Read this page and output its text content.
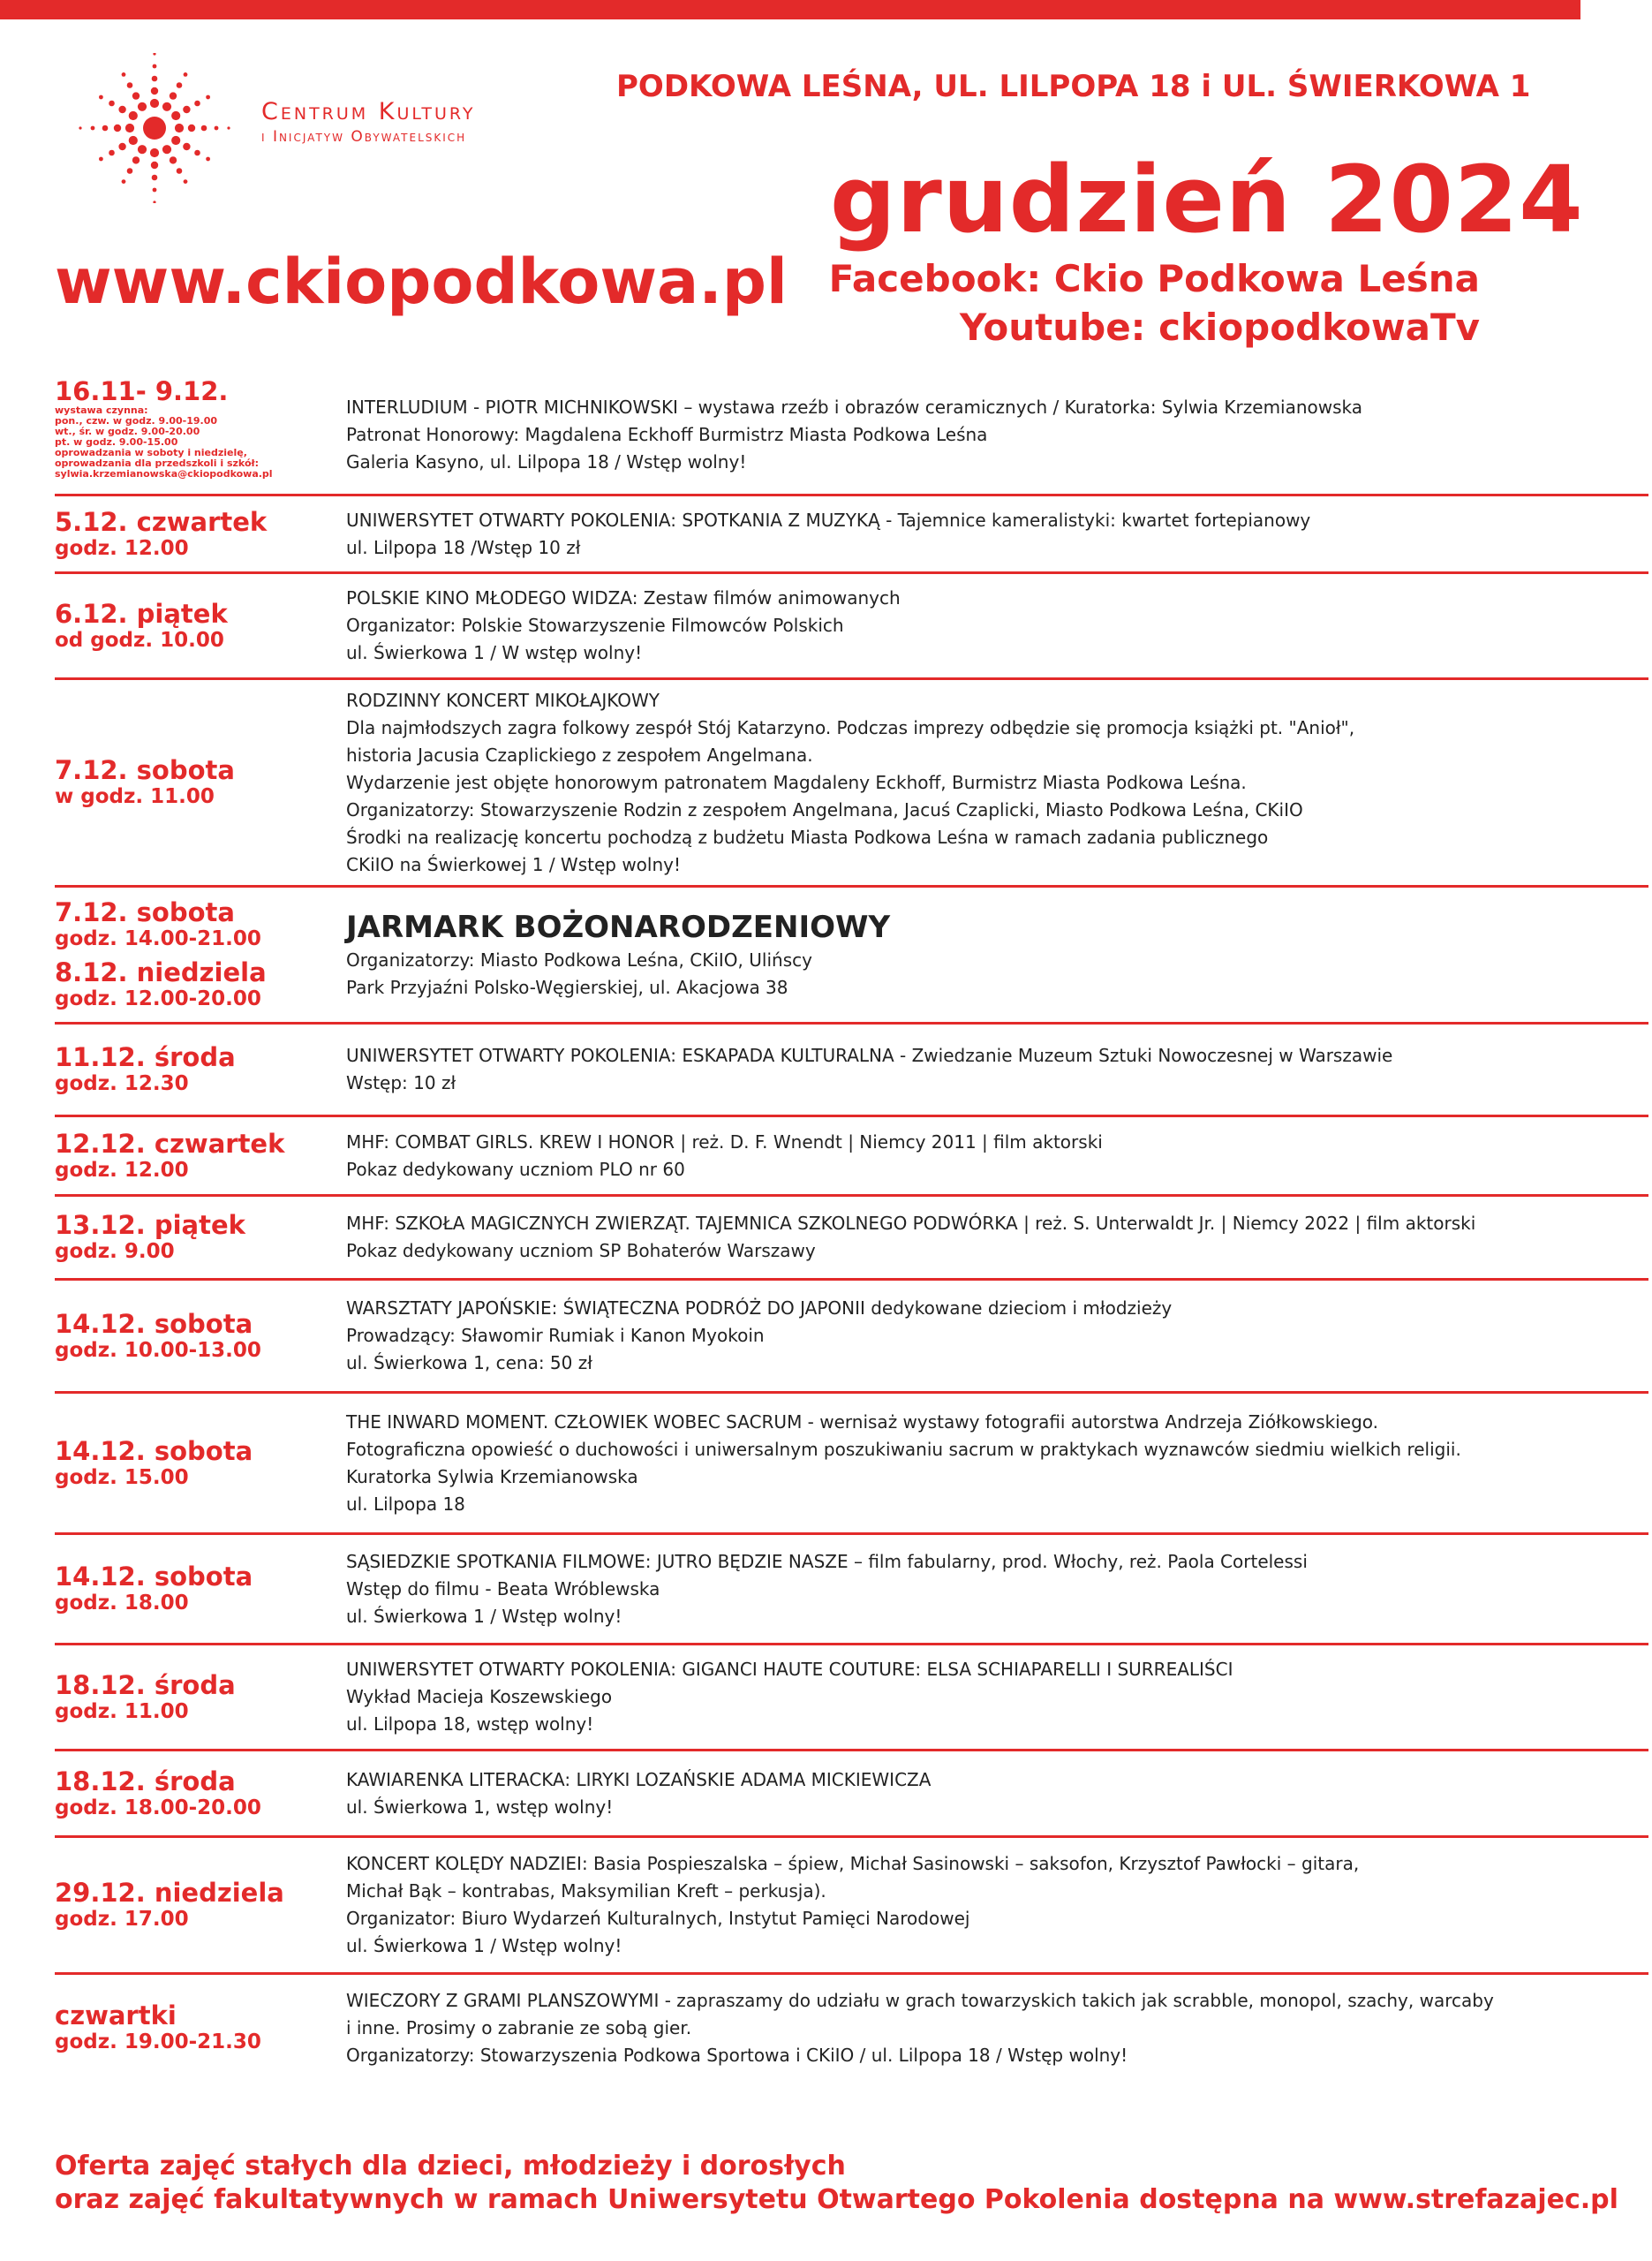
Centrum Kultury
i Inicjatyw Obywatelskich
PODKOWA LEŚNA, UL. LILPOPA 18 i UL. ŚWIERKOWA 1
grudzień 2024
www.ckiopodkowa.pl Facebook: Ckio Podkowa Leśna
Youtube: ckiopodkowaTv
16.11- 9.12.
wystawa czynna:
pon., czw. w godz. 9.00-19.00
wt., śr. w godz. 9.00-20.00
pt. w godz. 9.00-15.00
oprowadzania w soboty i niedzielę,
oprowadzania dla przedszkoli i szkół:
sylwia.krzemianowska@ckiopodkowa.pl
INTERLUDIUM - PIOTR MICHNIKOWSKI – wystawa rzeźb i obrazów ceramicznych / Kuratorka: Sylwia Krzemianowska
Patronat Honorowy: Magdalena Eckhoff Burmistrz Miasta Podkowa Leśna
Galeria Kasyno, ul. Lilpopa 18 / Wstęp wolny!
5.12. czwartek
godz. 12.00
UNIWERSYTET OTWARTY POKOLENIA: SPOTKANIA Z MUZYKĄ - Tajemnice kameralistyki: kwartet fortepianowy
ul. Lilpopa 18 /Wstęp 10 zł
6.12. piątek
od godz. 10.00
POLSKIE KINO MŁODEGO WIDZA: Zestaw filmów animowanych
Organizator: Polskie Stowarzyszenie Filmowców Polskich
ul. Świerkowa 1 / W wstęp wolny!
7.12. sobota
w godz. 11.00
RODZINNY KONCERT MIKOŁAJKOWY
Dla najmłodszych zagra folkowy zespół Stój Katarzyno. Podczas imprezy odbędzie się promocja książki pt. "Anioł",
historia Jacusia Czaplickiego z zespołem Angelmana.
Wydarzenie jest objęte honorowym patronatem Magdaleny Eckhoff, Burmistrz Miasta Podkowa Leśna.
Organizatorzy: Stowarzyszenie Rodzin z zespołem Angelmana, Jacuś Czaplicki, Miasto Podkowa Leśna, CKiIO
Środki na realizację koncertu pochodzą z budżetu Miasta Podkowa Leśna w ramach zadania publicznego
CKiIO na Świerkowej 1 / Wstęp wolny!
7.12. sobota
godz. 14.00-21.00
8.12. niedziela
godz. 12.00-20.00
JARMARK BOŻONARODZENIOWY
Organizatorzy: Miasto Podkowa Leśna, CKiIO, Ulińscy
Park Przyjaźni Polsko-Węgierskiej, ul. Akacjowa 38
11.12. środa
godz. 12.30
UNIWERSYTET OTWARTY POKOLENIA: ESKAPADA KULTURALNA - Zwiedzanie Muzeum Sztuki Nowoczesnej w Warszawie
Wstęp: 10 zł
12.12. czwartek
godz. 12.00
MHF: COMBAT GIRLS. KREW I HONOR | reż. D. F. Wnendt | Niemcy 2011 | film aktorski
Pokaz dedykowany uczniom PLO nr 60
13.12. piątek
godz. 9.00
MHF: SZKOŁA MAGICZNYCH ZWIERZĄT. TAJEMNICA SZKOLNEGO PODWÓRKA | reż. S. Unterwaldt Jr. | Niemcy 2022 | film aktorski
Pokaz dedykowany uczniom SP Bohaterów Warszawy
14.12. sobota
godz. 10.00-13.00
WARSZTATY JAPOŃSKIE: ŚWIĄTECZNA PODRÓŻ DO JAPONII dedykowane dzieciom i młodzieży
Prowadzący: Sławomir Rumiak i Kanon Myokoin
ul. Świerkowa 1, cena: 50 zł
14.12. sobota
godz. 15.00
THE INWARD MOMENT. CZŁOWIEK WOBEC SACRUM - wernisaż wystawy fotografii autorstwa Andrzeja Ziółkowskiego.
Fotograficzna opowieść o duchowości i uniwersalnym poszukiwaniu sacrum w praktykach wyznawców siedmiu wielkich religii.
Kuratorka Sylwia Krzemianowska
ul. Lilpopa 18
14.12. sobota
godz. 18.00
SĄSIEDZKIE SPOTKANIA FILMOWE: JUTRO BĘDZIE NASZE – film fabularny, prod. Włochy, reż. Paola Cortelessi
Wstęp do filmu - Beata Wróblewska
ul. Świerkowa 1 / Wstęp wolny!
18.12. środa
godz. 11.00
UNIWERSYTET OTWARTY POKOLENIA: GIGANCI HAUTE COUTURE: ELSA SCHIAPARELLI I SURREALIŚCI
Wykład Macieja Koszewskiego
ul. Lilpopa 18, wstęp wolny!
18.12. środa
godz. 18.00-20.00
KAWIARENKA LITERACKA: LIRYKI LOZAŃSKIE ADAMA MICKIEWICZA
ul. Świerkowa 1, wstęp wolny!
29.12. niedziela
godz. 17.00
KONCERT KOLĘDY NADZIEI: Basia Pospieszalska – śpiew, Michał Sasinowski – saksofon, Krzysztof Pawłocki – gitara,
Michał Bąk – kontrabas, Maksymilian Kreft – perkusja).
Organizator: Biuro Wydarzeń Kulturalnych, Instytut Pamięci Narodowej
ul. Świerkowa 1 / Wstęp wolny!
czwartki
godz. 19.00-21.30
WIECZORY Z GRAMI PLANSZOWYMI - zapraszamy do udziału w grach towarzyskich takich jak scrabble, monopol, szachy, warcaby
i inne. Prosimy o zabranie ze sobą gier.
Organizatorzy: Stowarzyszenia Podkowa Sportowa i CKiIO / ul. Lilpopa 18 / Wstęp wolny!
Oferta zajęć stałych dla dzieci, młodzieży i dorosłych
oraz zajęć fakultatywnych w ramach Uniwersytetu Otwartego Pokolenia dostępna na www.strefazajec.pl
